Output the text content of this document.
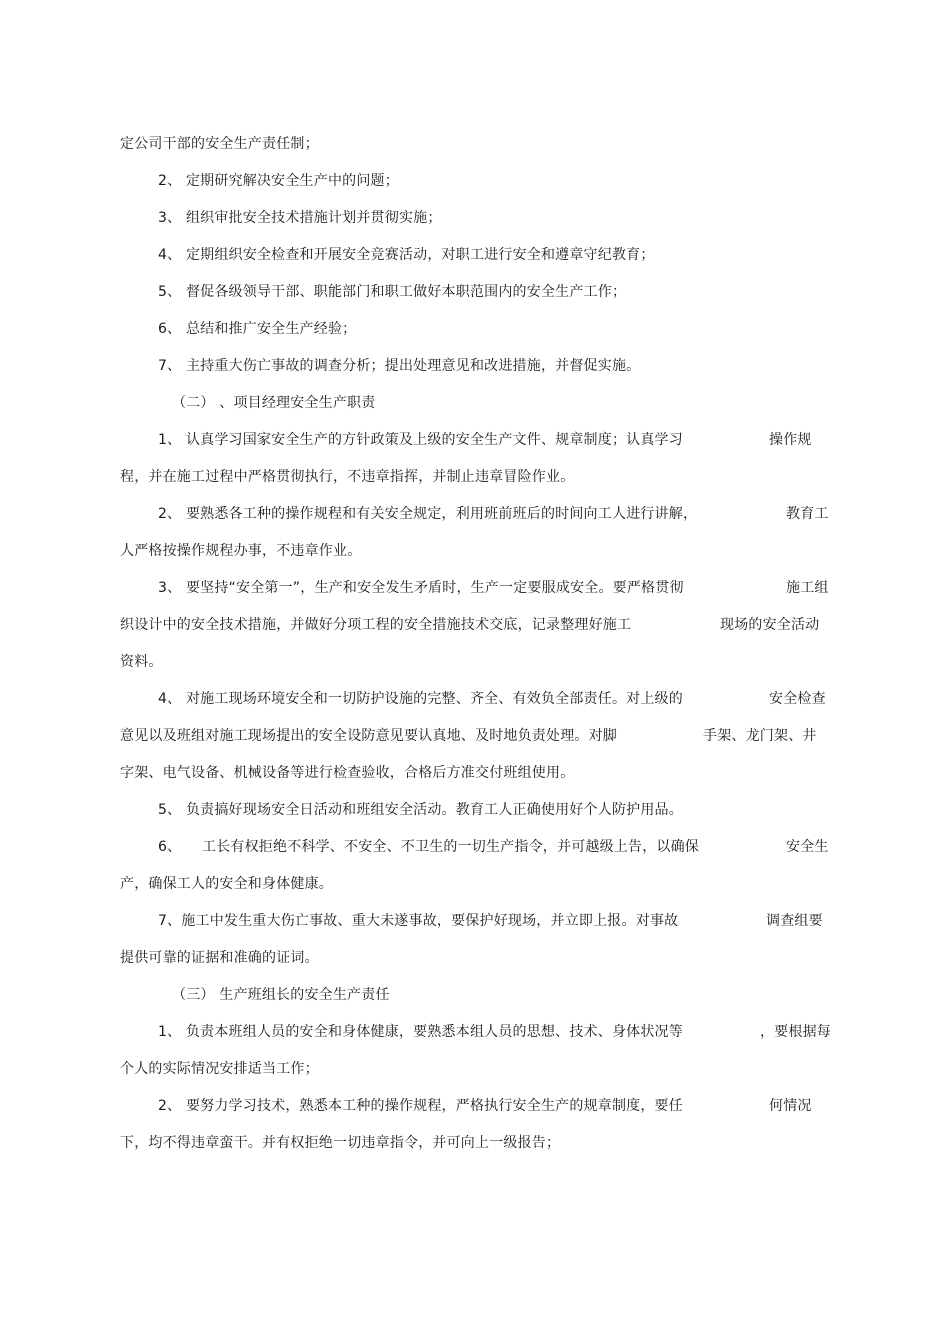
定公司干部的安全生产责任制；
2、 定期研究解决安全生产中的问题；
3、 组织审批安全技术措施计划并贯彻实施；
4、 定期组织安全检查和开展安全竞赛活动，对职工进行安全和遵章守纪教育；
5、 督促各级领导干部、职能部门和职工做好本职范围内的安全生产工作；
6、 总结和推广安全生产经验；
7、 主持重大伤亡事故的调查分析；提出处理意见和改进措施，并督促实施。
（二） 、项目经理安全生产职责
1、 认真学习国家安全生产的方针政策及上级的安全生产文件、规章制度；认真学习	操作规
程，并在施工过程中严格贯彻执行，不违章指挥，并制止违章冒险作业。
2、 要熟悉各工种的操作规程和有关安全规定，利用班前班后的时间向工人进行讲解，	教育工
人严格按操作规程办事，不违章作业。
3、 要坚持“安全第一”，生产和安全发生矛盾时，生产一定要服成安全。要严格贯彻	施工组
织设计中的安全技术措施，并做好分项工程的安全措施技术交底，记录整理好施工	现场的安全活动
资料。
4、 对施工现场环境安全和一切防护设施的完整、齐全、有效负全部责任。对上级的	安全检查
意见以及班组对施工现场提出的安全设防意见要认真地、及时地负责处理。对脚	手架、龙门架、井
字架、电气设备、机械设备等进行检查验收，合格后方准交付班组使用。
5、 负责搞好现场安全日活动和班组安全活动。教育工人正确使用好个人防护用品。
6、 工长有权拒绝不科学、不安全、不卫生的一切生产指令，并可越级上告，以确保	安全生
产，确保工人的安全和身体健康。
7、施工中发生重大伤亡事故、重大未遂事故，要保护好现场，并立即上报。对事故	调查组要
提供可靠的证据和准确的证词。
（三） 生产班组长的安全生产责任
1、 负责本班组人员的安全和身体健康，要熟悉本组人员的思想、技术、身体状况等	，要根据每
个人的实际情况安排适当工作；
2、 要努力学习技术，熟悉本工种的操作规程，严格执行安全生产的规章制度，要任	何情况
下，均不得违章蛮干。并有权拒绝一切违章指令，并可向上一级报告；
